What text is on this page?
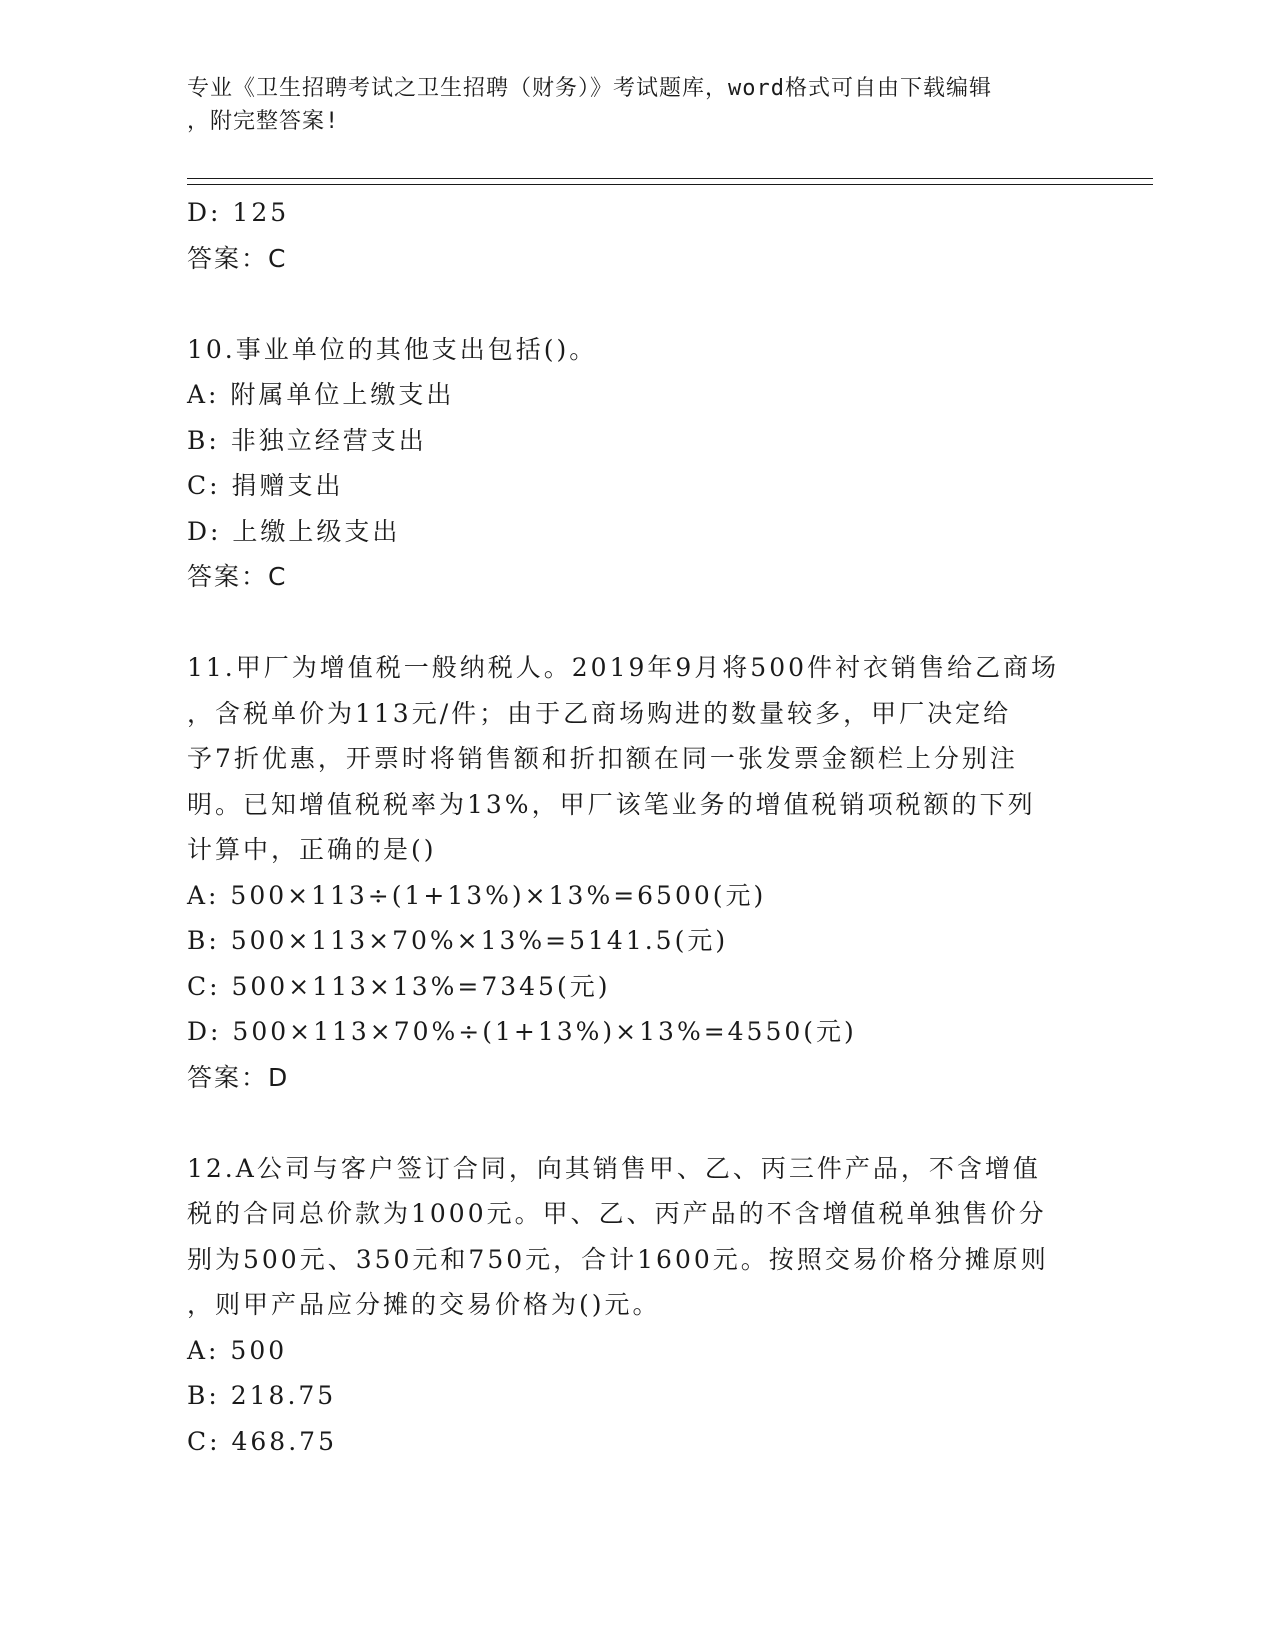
专业《卫生招聘考试之卫生招聘（财务）》考试题库，word格式可自由下载编辑
，附完整答案!
D: 125
答案：C
10.事业单位的其他支出包括()。
A: 附属单位上缴支出
B: 非独立经营支出
C: 捐赠支出
D: 上缴上级支出
答案：C
11.甲厂为增值税一般纳税人。2019年9月将500件衬衣销售给乙商场
，含税单价为113元/件；由于乙商场购进的数量较多，甲厂决定给
予7折优惠，开票时将销售额和折扣额在同一张发票金额栏上分别注
明。已知增值税税率为13%，甲厂该笔业务的增值税销项税额的下列
计算中，正确的是()
A: 500×113÷(1+13%)×13%=6500(元)
B: 500×113×70%×13%=5141.5(元)
C: 500×113×13%=7345(元)
D: 500×113×70%÷(1+13%)×13%=4550(元)
答案：D
12.A公司与客户签订合同，向其销售甲、乙、丙三件产品，不含增值
税的合同总价款为1000元。甲、乙、丙产品的不含增值税单独售价分
别为500元、350元和750元，合计1600元。按照交易价格分摊原则
，则甲产品应分摊的交易价格为()元。
A: 500
B: 218.75
C: 468.75
